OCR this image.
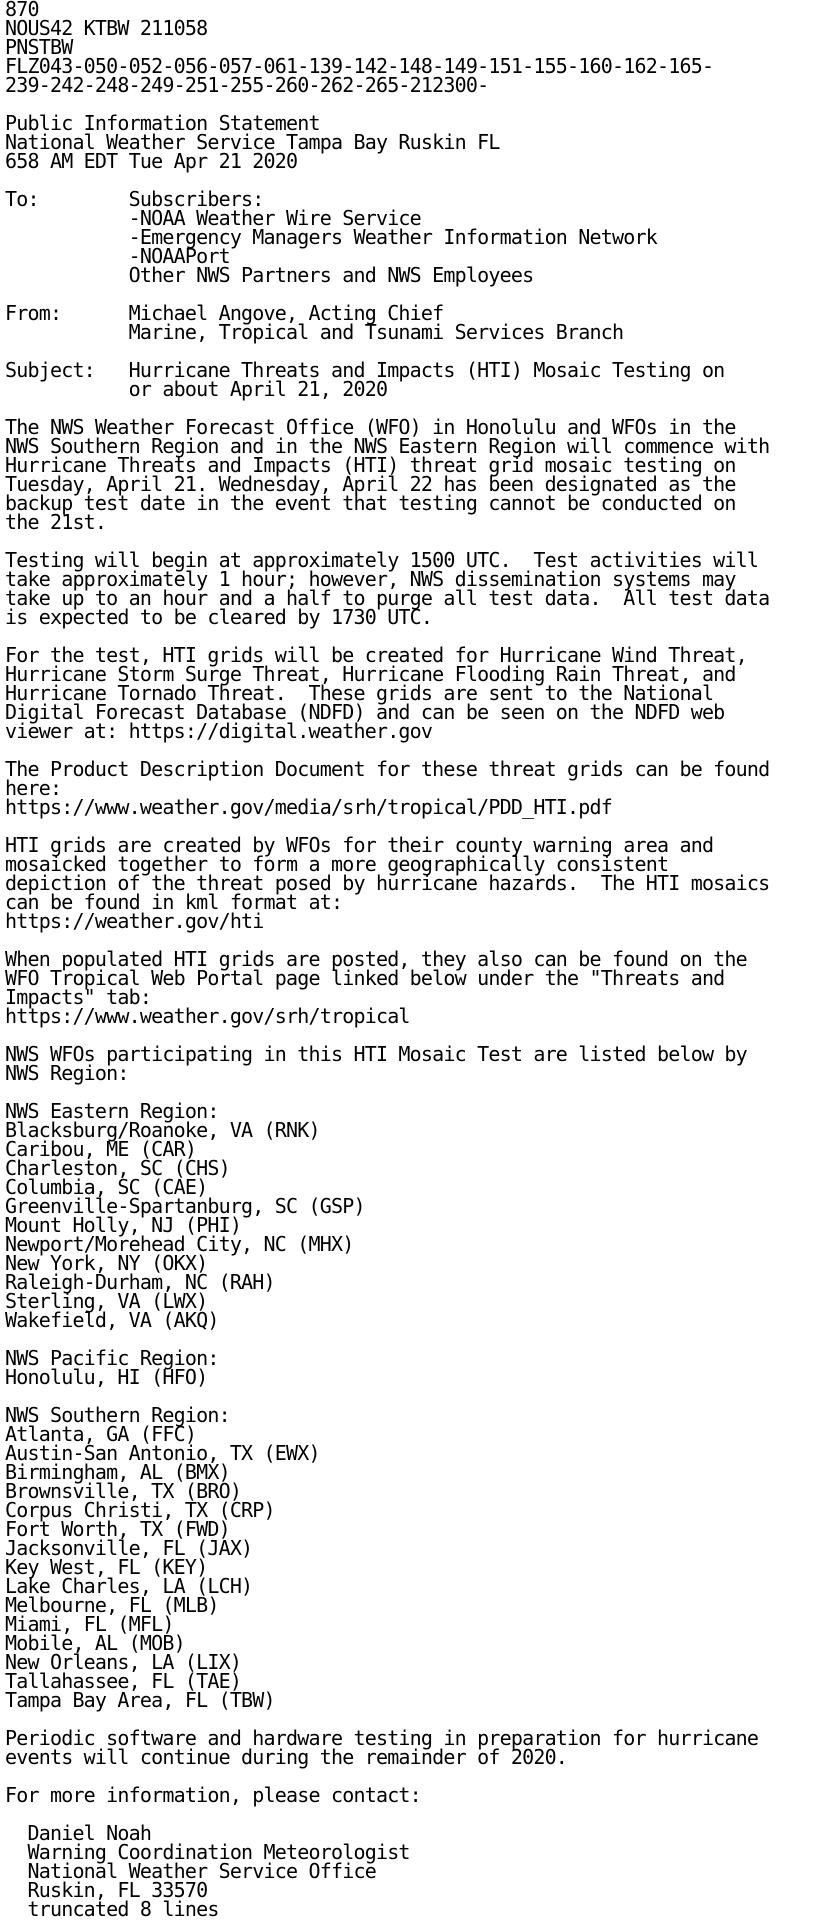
870
NOUS42 KTBW 211058
PNSTBW
FLZ043-050-052-056-057-061-139-142-148-149-151-155-160-162-165-
239-242-248-249-251-255-260-262-265-212300-
Public Information Statement
National Weather Service Tampa Bay Ruskin FL
658 AM EDT Tue Apr 21 2020
To:        Subscribers:
-NOAA Weather Wire Service
-Emergency Managers Weather Information Network
-NOAAPort
Other NWS Partners and NWS Employees
From:      Michael Angove, Acting Chief
Marine, Tropical and Tsunami Services Branch
Subject:   Hurricane Threats and Impacts (HTI) Mosaic Testing on
or about April 21, 2020
The NWS Weather Forecast Office (WFO) in Honolulu and WFOs in the
NWS Southern Region and in the NWS Eastern Region will commence with
Hurricane Threats and Impacts (HTI) threat grid mosaic testing on
Tuesday, April 21. Wednesday, April 22 has been designated as the
backup test date in the event that testing cannot be conducted on
the 21st.
Testing will begin at approximately 1500 UTC.  Test activities will
take approximately 1 hour; however, NWS dissemination systems may
take up to an hour and a half to purge all test data.  All test data
is expected to be cleared by 1730 UTC.
For the test, HTI grids will be created for Hurricane Wind Threat,
Hurricane Storm Surge Threat, Hurricane Flooding Rain Threat, and
Hurricane Tornado Threat.  These grids are sent to the National
Digital Forecast Database (NDFD) and can be seen on the NDFD web
viewer at: https://digital.weather.gov
The Product Description Document for these threat grids can be found
here:
https://www.weather.gov/media/srh/tropical/PDD_HTI.pdf
HTI grids are created by WFOs for their county warning area and
mosaicked together to form a more geographically consistent
depiction of the threat posed by hurricane hazards.  The HTI mosaics
can be found in kml format at:
https://weather.gov/hti
When populated HTI grids are posted, they also can be found on the
WFO Tropical Web Portal page linked below under the "Threats and
Impacts" tab:
https://www.weather.gov/srh/tropical
NWS WFOs participating in this HTI Mosaic Test are listed below by
NWS Region:
NWS Eastern Region:
Blacksburg/Roanoke, VA (RNK)
Caribou, ME (CAR)
Charleston, SC (CHS)
Columbia, SC (CAE)
Greenville-Spartanburg, SC (GSP)
Mount Holly, NJ (PHI)
Newport/Morehead City, NC (MHX)
New York, NY (OKX)
Raleigh-Durham, NC (RAH)
Sterling, VA (LWX)
Wakefield, VA (AKQ)
NWS Pacific Region:
Honolulu, HI (HFO)
NWS Southern Region:
Atlanta, GA (FFC)
Austin-San Antonio, TX (EWX)
Birmingham, AL (BMX)
Brownsville, TX (BRO)
Corpus Christi, TX (CRP)
Fort Worth, TX (FWD)
Jacksonville, FL (JAX)
Key West, FL (KEY)
Lake Charles, LA (LCH)
Melbourne, FL (MLB)
Miami, FL (MFL)
Mobile, AL (MOB)
New Orleans, LA (LIX)
Tallahassee, FL (TAE)
Tampa Bay Area, FL (TBW)
Periodic software and hardware testing in preparation for hurricane
events will continue during the remainder of 2020.
For more information, please contact:
Daniel Noah
Warning Coordination Meteorologist
National Weather Service Office
Ruskin, FL 33570
truncated 8 lines
